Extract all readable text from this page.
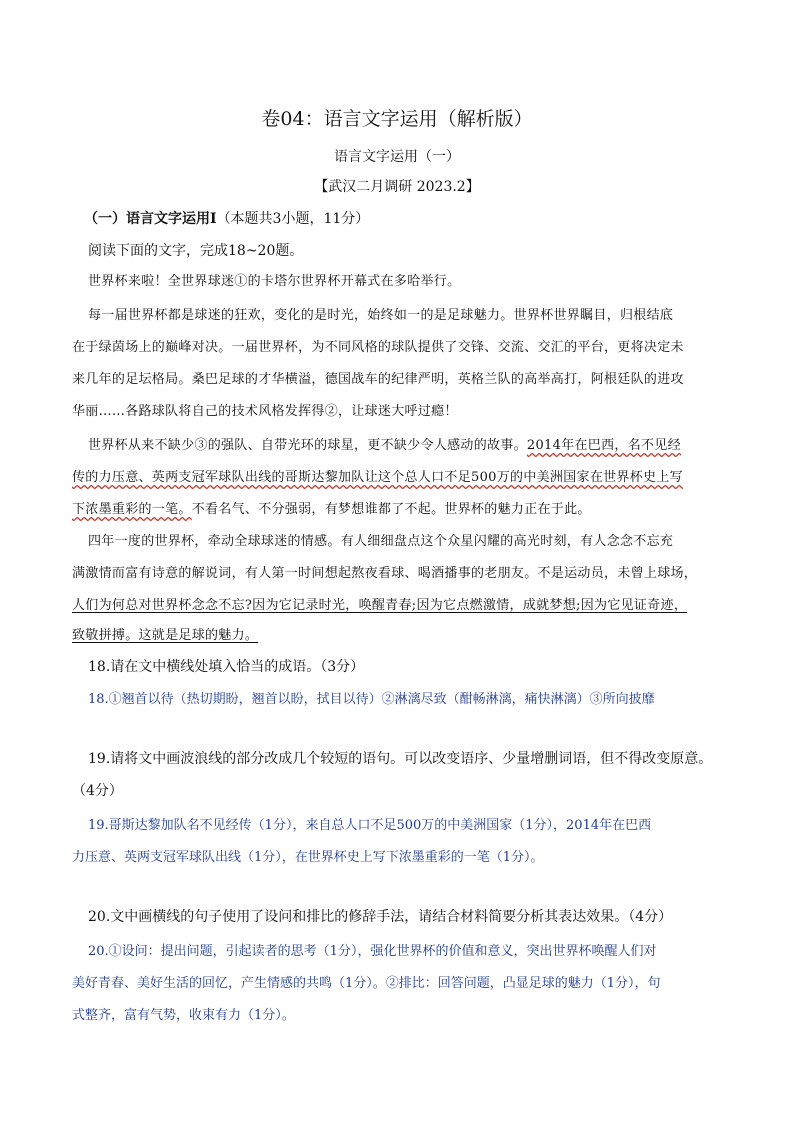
卷04：语言文字运用（解析版）
语言文字运用（一）
【武汉二月调研 2023.2】
（一）语言文字运用Ⅰ（本题共3小题，11分）
阅读下面的文字，完成18~20题。
世界杯来啦！全世界球迷①的卡塔尔世界杯开幕式在多哈举行。
每一届世界杯都是球迷的狂欢，变化的是时光，始终如一的是足球魅力。世界杯世界瞩目，归根结底
在于绿茵场上的巅峰对决。一届世界杯，为不同风格的球队提供了交锋、交流、交汇的平台，更将决定未
来几年的足坛格局。桑巴足球的才华横溢，德国战车的纪律严明，英格兰队的高举高打，阿根廷队的进攻
华丽……各路球队将自己的技术风格发挥得②，让球迷大呼过瘾！
世界杯从来不缺少③的强队、自带光环的球星，更不缺少令人感动的故事。2014年在巴西，名不见经
传的力压意、英两支冠军球队出线的哥斯达黎加队让这个总人口不足500万的中美洲国家在世界杯史上写
下浓墨重彩的一笔。不看名气、不分强弱，有梦想谁都了不起。世界杯的魅力正在于此。
四年一度的世界杯，牵动全球球迷的情感。有人细细盘点这个众星闪耀的高光时刻，有人念念不忘充
满激情而富有诗意的解说词，有人第一时间想起熬夜看球、喝酒播事的老朋友。不是运动员，未曾上球场，
人们为何总对世界杯念念不忘?因为它记录时光，唤醒青春;因为它点燃激情，成就梦想;因为它见证奇迹，
致敬拼搏。这就是足球的魅力。
18.请在文中横线处填入恰当的成语。（3分）
18.①翘首以待（热切期盼，翘首以盼，拭目以待）②淋漓尽致（酣畅淋漓，痛快淋漓）③所向披靡
19.请将文中画波浪线的部分改成几个较短的语句。可以改变语序、少量增删词语，但不得改变原意。
（4分）
19.哥斯达黎加队名不见经传（1分），来自总人口不足500万的中美洲国家（1分），2014年在巴西
力压意、英两支冠军球队出线（1分），在世界杯史上写下浓墨重彩的一笔（1分）。
20.文中画横线的句子使用了设问和排比的修辞手法，请结合材料简要分析其表达效果。（4分）
20.①设问：提出问题，引起读者的思考（1分），强化世界杯的价值和意义，突出世界杯唤醒人们对
美好青春、美好生活的回忆，产生情感的共鸣（1分）。②排比：回答问题，凸显足球的魅力（1分），句
式整齐，富有气势，收束有力（1分）。
